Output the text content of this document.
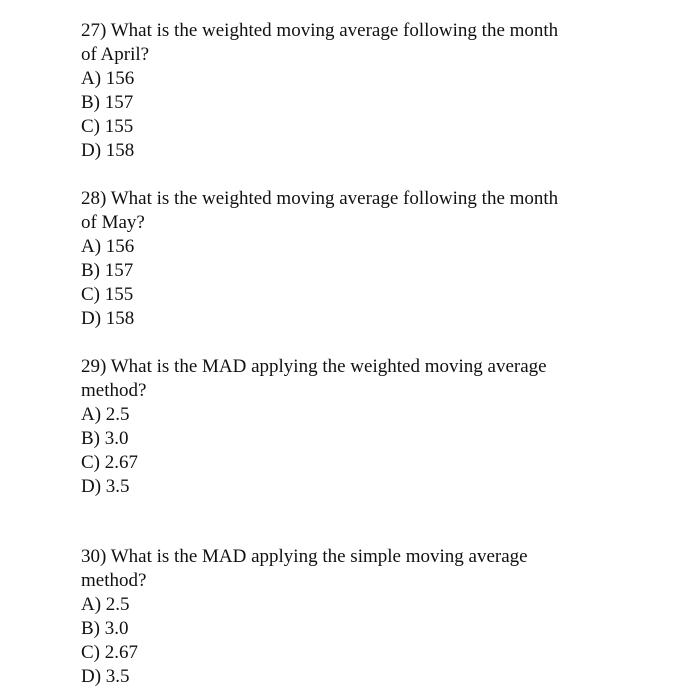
27) What is the weighted moving average following the month
of April?
A) 156
B) 157
C) 155
D) 158
28) What is the weighted moving average following the month
of May?
A) 156
B) 157
C) 155
D) 158
29) What is the MAD applying the weighted moving average
method?
A) 2.5
B) 3.0
C) 2.67
D) 3.5
30) What is the MAD applying the simple moving average
method?
A) 2.5
B) 3.0
C) 2.67
D) 3.5
